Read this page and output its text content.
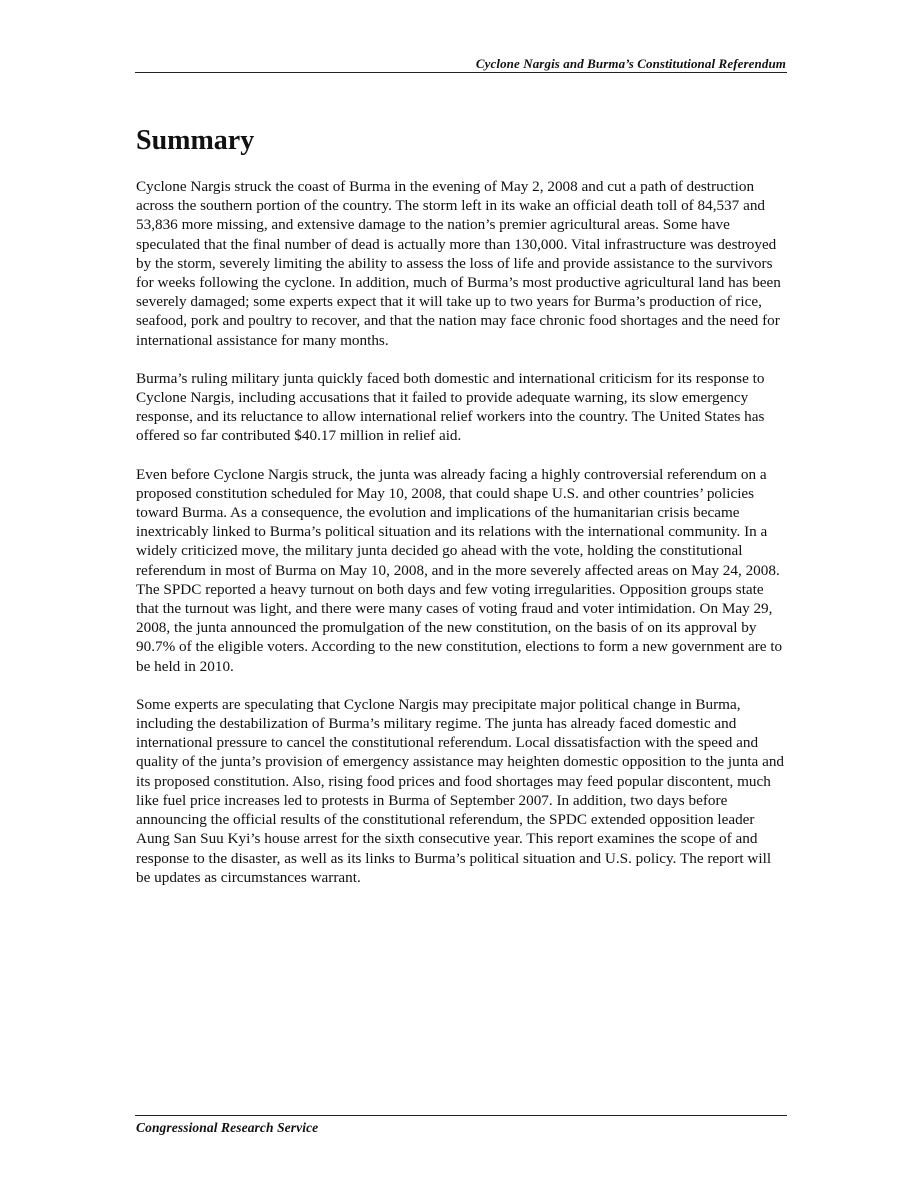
Cyclone Nargis and Burma’s Constitutional Referendum
Summary

Cyclone Nargis struck the coast of Burma in the evening of May 2, 2008 and cut a path of destruction across the southern portion of the country. The storm left in its wake an official death toll of 84,537 and 53,836 more missing, and extensive damage to the nation’s premier agricultural areas. Some have speculated that the final number of dead is actually more than 130,000. Vital infrastructure was destroyed by the storm, severely limiting the ability to assess the loss of life and provide assistance to the survivors for weeks following the cyclone. In addition, much of Burma’s most productive agricultural land has been severely damaged; some experts expect that it will take up to two years for Burma’s production of rice, seafood, pork and poultry to recover, and that the nation may face chronic food shortages and the need for international assistance for many months.

Burma’s ruling military junta quickly faced both domestic and international criticism for its response to Cyclone Nargis, including accusations that it failed to provide adequate warning, its slow emergency response, and its reluctance to allow international relief workers into the country. The United States has offered so far contributed $40.17 million in relief aid.

Even before Cyclone Nargis struck, the junta was already facing a highly controversial referendum on a proposed constitution scheduled for May 10, 2008, that could shape U.S. and other countries’ policies toward Burma. As a consequence, the evolution and implications of the humanitarian crisis became inextricably linked to Burma’s political situation and its relations with the international community. In a widely criticized move, the military junta decided go ahead with the vote, holding the constitutional referendum in most of Burma on May 10, 2008, and in the more severely affected areas on May 24, 2008. The SPDC reported a heavy turnout on both days and few voting irregularities. Opposition groups state that the turnout was light, and there were many cases of voting fraud and voter intimidation. On May 29, 2008, the junta announced the promulgation of the new constitution, on the basis of on its approval by 90.7% of the eligible voters. According to the new constitution, elections to form a new government are to be held in 2010.

Some experts are speculating that Cyclone Nargis may precipitate major political change in Burma, including the destabilization of Burma’s military regime. The junta has already faced domestic and international pressure to cancel the constitutional referendum. Local dissatisfaction with the speed and quality of the junta’s provision of emergency assistance may heighten domestic opposition to the junta and its proposed constitution. Also, rising food prices and food shortages may feed popular discontent, much like fuel price increases led to protests in Burma of September 2007. In addition, two days before announcing the official results of the constitutional referendum, the SPDC extended opposition leader Aung San Suu Kyi’s house arrest for the sixth consecutive year. This report examines the scope of and response to the disaster, as well as its links to Burma’s political situation and U.S. policy. The report will be updates as circumstances warrant.

Congressional Research Service
